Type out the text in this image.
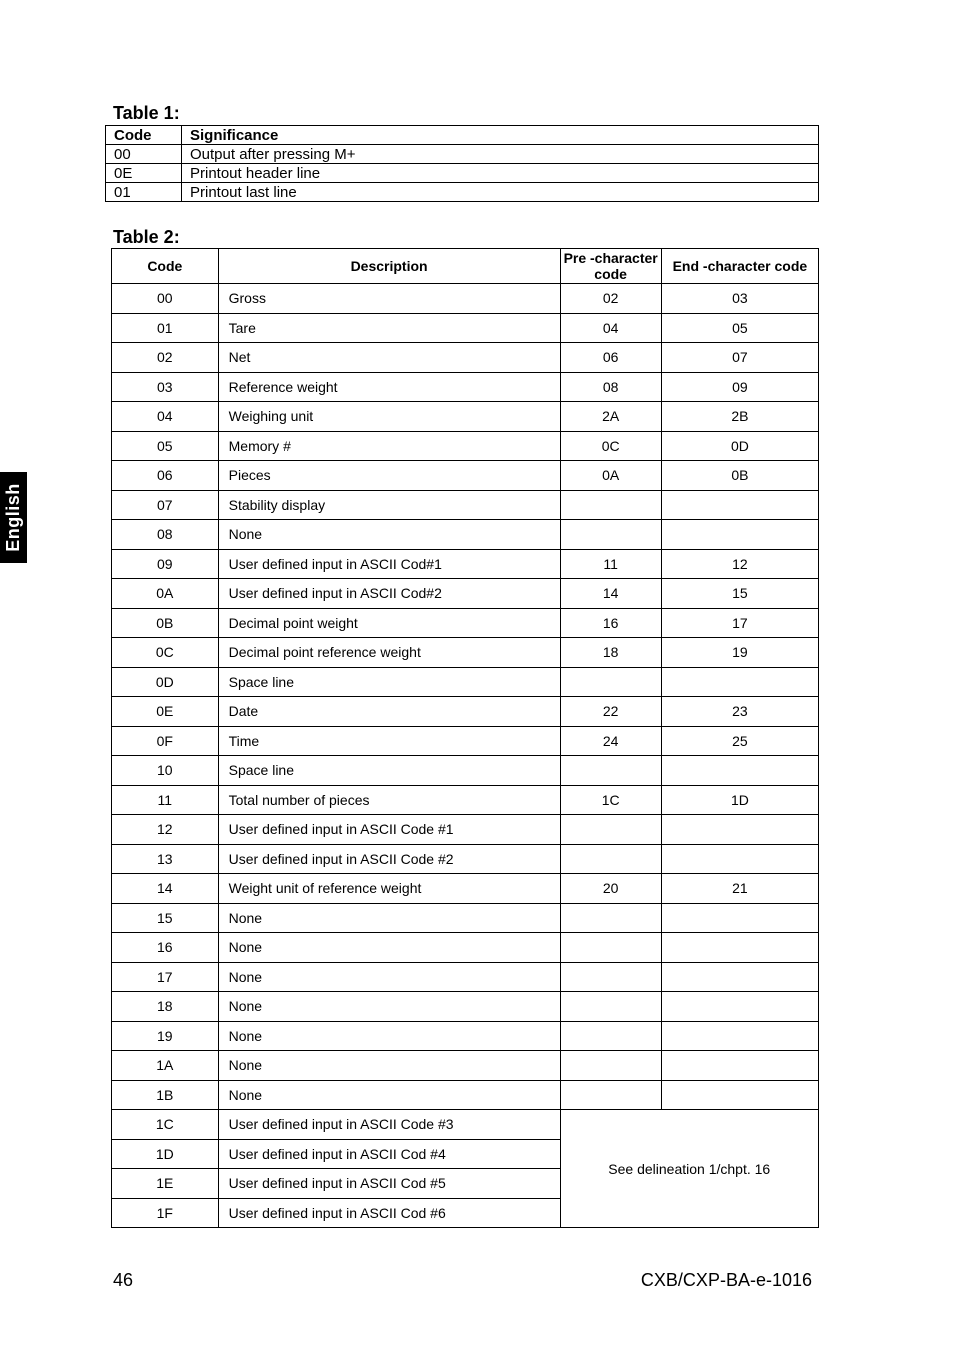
Table 1:
Code	Significance
00	Output after pressing M+
0E	Printout header line
01	Printout last line
Table 2:
Code	Description	Pre -character code	End -character code
00	Gross	02	03
01	Tare	04	05
02	Net	06	07
03	Reference weight	08	09
04	Weighing unit	2A	2B
05	Memory #	0C	0D
06	Pieces	0A	0B
07	Stability display		
08	None		
09	User defined input in ASCII Cod#1	11	12
0A	User defined input in ASCII Cod#2	14	15
0B	Decimal point weight	16	17
0C	Decimal point reference weight	18	19
0D	Space line		
0E	Date	22	23
0F	Time	24	25
10	Space line		
11	Total number of pieces	1C	1D
12	User defined input in ASCII Code #1		
13	User defined input in ASCII Code #2		
14	Weight unit of reference weight	20	21
15	None		
16	None		
17	None		
18	None		
19	None		
1A	None		
1B	None		
1C	User defined input in ASCII Code #3	See delineation 1/chpt. 16	
1D	User defined input in ASCII Cod #4		
1E	User defined input in ASCII Cod #5		
1F	User defined input in ASCII Cod #6		
English
46	CXB/CXP-BA-e-1016
